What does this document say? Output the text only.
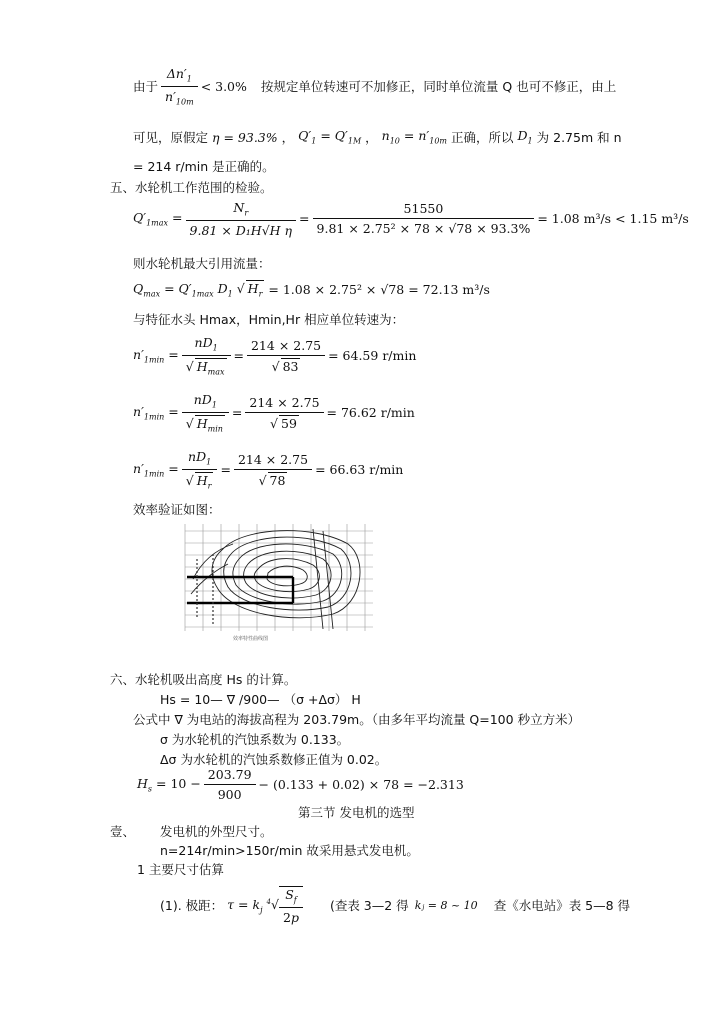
由于 $\frac{\Delta n'_1}{n'_{10m}} < 3.0\%$ 按规定单位转速可不加修正，同时单位流量 Q 也可不修正，由上
可见，原假定 η = 93.3% ， $Q'_1 = Q'_{1M}$ ， $n_{10} = n'_{10m}$ 正确，所以 $D_1$ 为 2.75m 和 n
= 214 r/min 是正确的。
五、水轮机工作范围的检验。
$Q'_{1max} = \frac{N_r}{\text{9.81 × D₁H√H η}} = \frac{51550}{\text{9.81 × 2.75² × 78 × √78 × 93.3\%}} = 1.08$ m³/s < 1.15 m³/s
则水轮机最大引用流量：
$Q_{max} = Q'_{1max}$ $D_1$ √ $H_r = 1.08 \times 2.75^2 \times √78 = 72.13$ m³/s
与特征水头 Hmax，Hmin,Hr 相应单位转速为：
$n'_{1min} = \frac{nD_1}{√ H_{max}} = \frac{214 \times 2.75}{√ 83} = 64.59$ r/min
$n'_{1min} = \frac{nD_1}{√ H_{min}} = \frac{214 \times 2.75}{√ 59} = 76.62$ r/min
$n'_{1min} = \frac{nD_1}{√ H_r} = \frac{214 \times 2.75}{√ 78} = 66.63$ r/min
效率验证如图：
效率特性曲线图
六、水轮机吸出高度 Hs 的计算。
Hs = 10— ∇ /900— （σ +Δσ） H
公式中 ∇ 为电站的海拔高程为 203.79m。（由多年平均流量 Q=100 秒立方米）
σ 为水轮机的汽蚀系数为 0.133。
Δσ 为水轮机的汽蚀系数修正值为 0.02。
$H_s = 10 - \frac{203.79}{900} - (0.133 + 0.02) \times 78 = -2.313$
第三节 发电机的选型
壹、 发电机的外型尺寸。
n=214r/min>150r/min 故采用悬式发电机。
1 主要尺寸估算
(1). 极距： $\tau = k_j$ $^4√ \frac{S_f}{2p}$ (查表 3—2 得 kⱼ = 8 ~ 10 查《水电站》表 5—8 得
